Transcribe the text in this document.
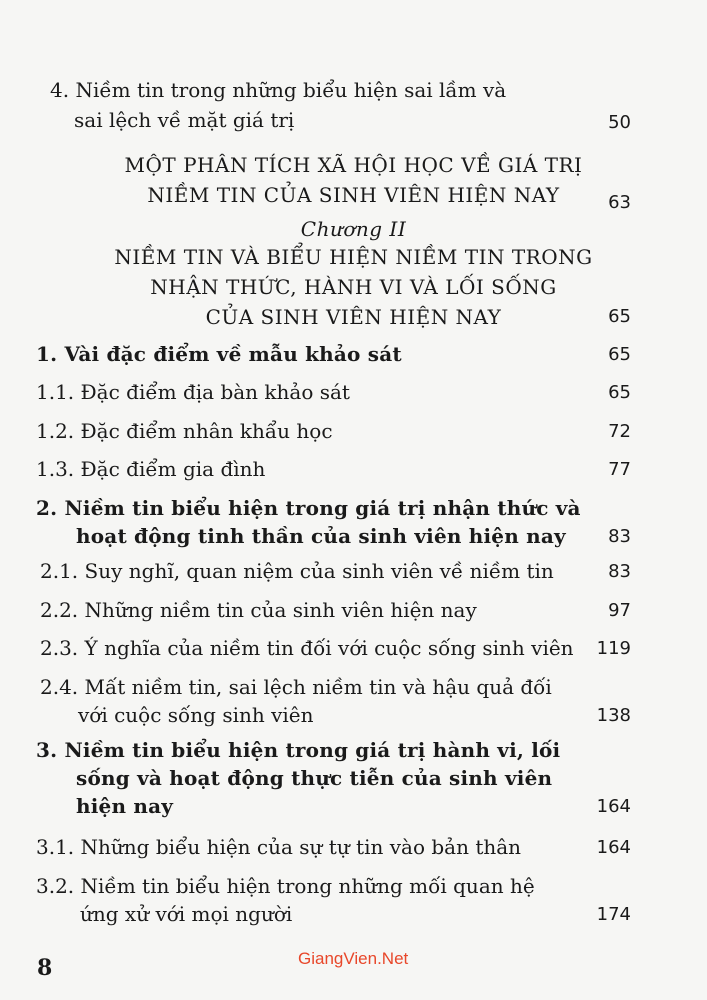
4. Niềm tin trong những biểu hiện sai lầm và
sai lệch về mặt giá trị	50
MỘT PHÂN TÍCH XÃ HỘI HỌC VỀ GIÁ TRỊ
NIỀM TIN CỦA SINH VIÊN HIỆN NAY	63
Chương II
NIỀM TIN VÀ BIỂU HIỆN NIỀM TIN TRONG
NHẬN THỨC, HÀNH VI VÀ LỐI SỐNG
CỦA SINH VIÊN HIỆN NAY	65
1. Vài đặc điểm về mẫu khảo sát	65
1.1. Đặc điểm địa bàn khảo sát	65
1.2. Đặc điểm nhân khẩu học	72
1.3. Đặc điểm gia đình	77
2. Niềm tin biểu hiện trong giá trị nhận thức và
hoạt động tinh thần của sinh viên hiện nay 83
2.1. Suy nghĩ, quan niệm của sinh viên về niềm tin	83
2.2. Những niềm tin của sinh viên hiện nay	97
2.3. Ý nghĩa của niềm tin đối với cuộc sống sinh viên 119
2.4. Mất niềm tin, sai lệch niềm tin và hậu quả đối
với cuộc sống sinh viên	138
3. Niềm tin biểu hiện trong giá trị hành vi, lối
sống và hoạt động thực tiễn của sinh viên
hiện nay	164
3.1. Những biểu hiện của sự tự tin vào bản thân	164
3.2. Niềm tin biểu hiện trong những mối quan hệ
ứng xử với mọi người	174
8	GiangVien.Net
